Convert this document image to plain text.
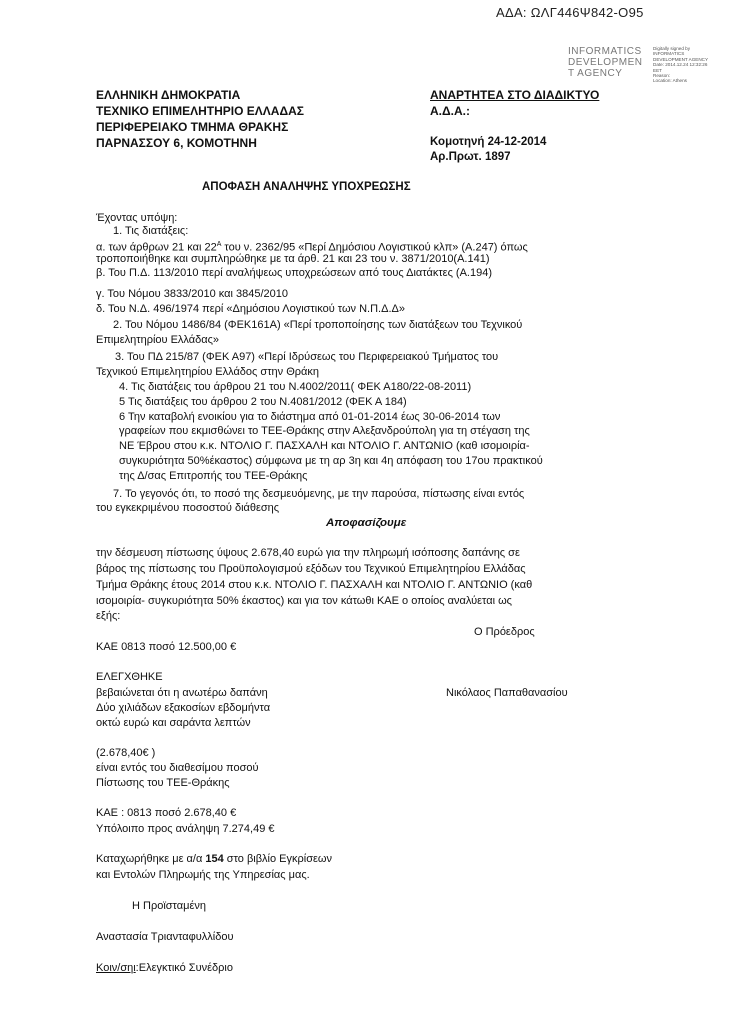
ΑΔΑ: ΩΛΓ446Ψ842-Ο95
INFORMATICS
DEVELOPMEN
T AGENCY
Digitally signed by
INFORMATICS
DEVELOPMENT AGENCY
Date: 2014.12.24 12:32:26
EET
Reason:
Location: Athens
ΕΛΛΗΝΙΚΗ ΔΗΜΟΚΡΑΤΙΑ
ΤΕΧΝΙΚΟ ΕΠΙΜΕΛΗΤΗΡΙΟ ΕΛΛΑΔΑΣ
ΠΕΡΙΦΕΡΕΙΑΚΟ ΤΜΗΜΑ ΘΡΑΚΗΣ
ΠΑΡΝΑΣΣΟΥ 6, ΚΟΜΟΤΗΝΗ
ΑΝΑΡΤΗΤΕΑ ΣΤΟ ΔΙΑΔΙΚΤΥΟ
Α.Δ.Α.:
Κομοτηνή 24-12-2014
Αρ.Πρωτ. 1897
ΑΠΟΦΑΣΗ ΑΝΑΛΗΨΗΣ ΥΠΟΧΡΕΩΣΗΣ
Έχοντας υπόψη:
1. Τις διατάξεις:
α. των άρθρων 21 και $22^A$ του ν. 2362/95 «Περί Δημόσιου Λογιστικού κλπ» (Α.247) όπως
τροποποιήθηκε και συμπληρώθηκε με τα άρθ. 21 και 23 του ν. 3871/2010(Α.141)
β. Του Π.Δ. 113/2010 περί αναλήψεως υποχρεώσεων από τους Διατάκτες (Α.194)
γ. Του Νόμου 3833/2010 και 3845/2010
δ. Του Ν.Δ. 496/1974 περί «Δημόσιου Λογιστικού των Ν.Π.Δ.Δ»
2. Του Νόμου 1486/84 (ΦΕΚ161Α) «Περί τροποποίησης των διατάξεων του Τεχνικού
Επιμελητηρίου Ελλάδας»
3. Του ΠΔ 215/87 (ΦΕΚ Α97) «Περί Ιδρύσεως του Περιφερειακού Τμήματος του
Τεχνικού Επιμελητηρίου Ελλάδος στην Θράκη
4. Τις διατάξεις του άρθρου 21 του Ν.4002/2011( ΦΕΚ Α180/22-08-2011)
5 Τις διατάξεις του άρθρου 2 του Ν.4081/2012 (ΦΕΚ Α 184)
6 Την καταβολή ενοικίου για το διάστημα από 01-01-2014 έως 30-06-2014 των
γραφείων που εκμισθώνει το ΤΕΕ-Θράκης στην Αλεξανδρούπολη για τη στέγαση της
ΝΕ Έβρου στου κ.κ. ΝΤΟΛΙΟ Γ. ΠΑΣΧΑΛΗ και ΝΤΟΛΙΟ Γ. ΑΝΤΩΝΙΟ (καθ ισομοιρία-
συγκυριότητα 50%έκαστος) σύμφωνα με τη αρ 3η και 4η απόφαση του 17ου πρακτικού
της Δ/σας Επιτροπής του ΤΕΕ-Θράκης
7. Το γεγονός ότι, το ποσό της δεσμευόμενης, με την παρούσα, πίστωσης είναι εντός
του εγκεκριμένου ποσοστού διάθεσης
Αποφασίζουμε
την δέσμευση πίστωσης ύψους 2.678,40 ευρώ για την πληρωμή ισόποσης δαπάνης σε
βάρος της πίστωσης του Προϋπολογισμού εξόδων του Τεχνικού Επιμελητηρίου Ελλάδας
Τμήμα Θράκης έτους 2014 στου κ.κ. ΝΤΟΛΙΟ Γ. ΠΑΣΧΑΛΗ και ΝΤΟΛΙΟ Γ. ΑΝΤΩΝΙΟ (καθ
ισομοιρία- συγκυριότητα 50% έκαστος) και για τον κάτωθι ΚΑΕ ο οποίος αναλύεται ως
εξής:
Ο Πρόεδρος
ΚΑΕ 0813 ποσό 12.500,00 €
ΕΛΕΓΧΘΗΚΕ
βεβαιώνεται ότι η ανωτέρω δαπάνη	Νικόλαος Παπαθανασίου
Δύο χιλιάδων εξακοσίων εβδομήντα
οκτώ ευρώ και σαράντα λεπτών
(2.678,40€ )
είναι εντός του διαθεσίμου ποσού
Πίστωσης του ΤΕΕ-Θράκης
ΚΑΕ : 0813 ποσό 2.678,40 €
Υπόλοιπο προς ανάληψη 7.274,49 €
Καταχωρήθηκε με α/α 154 στο βιβλίο Εγκρίσεων
και Εντολών Πληρωμής της Υπηρεσίας μας.
Η Προϊσταμένη
Αναστασία Τριανταφυλλίδου
Κοιν/σηι:Ελεγκτικό Συνέδριο
